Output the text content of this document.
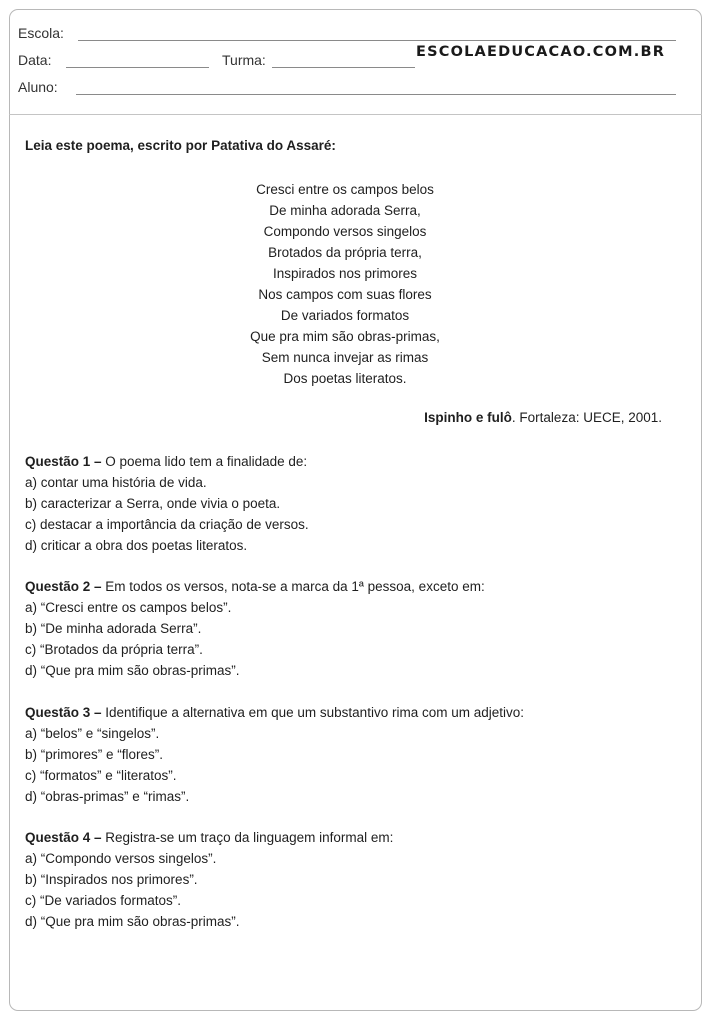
Escola:
Data:	Turma:	ESCOLAEDUCACAO.COM.BR
Aluno:
Leia este poema, escrito por Patativa do Assaré:
Cresci entre os campos belos
De minha adorada Serra,
Compondo versos singelos
Brotados da própria terra,
Inspirados nos primores
Nos campos com suas flores
De variados formatos
Que pra mim são obras-primas,
Sem nunca invejar as rimas
Dos poetas literatos.
Ispinho e fulô. Fortaleza: UECE, 2001.
Questão 1 – O poema lido tem a finalidade de:
a) contar uma história de vida.
b) caracterizar a Serra, onde vivia o poeta.
c) destacar a importância da criação de versos.
d) criticar a obra dos poetas literatos.
Questão 2 – Em todos os versos, nota-se a marca da 1ª pessoa, exceto em:
a) “Cresci entre os campos belos”.
b) “De minha adorada Serra”.
c) “Brotados da própria terra”.
d) “Que pra mim são obras-primas”.
Questão 3 – Identifique a alternativa em que um substantivo rima com um adjetivo:
a) “belos” e “singelos”.
b) “primores” e “flores”.
c) “formatos” e “literatos”.
d) “obras-primas” e “rimas”.
Questão 4 – Registra-se um traço da linguagem informal em:
a) “Compondo versos singelos”.
b) “Inspirados nos primores”.
c) “De variados formatos”.
d) “Que pra mim são obras-primas”.
